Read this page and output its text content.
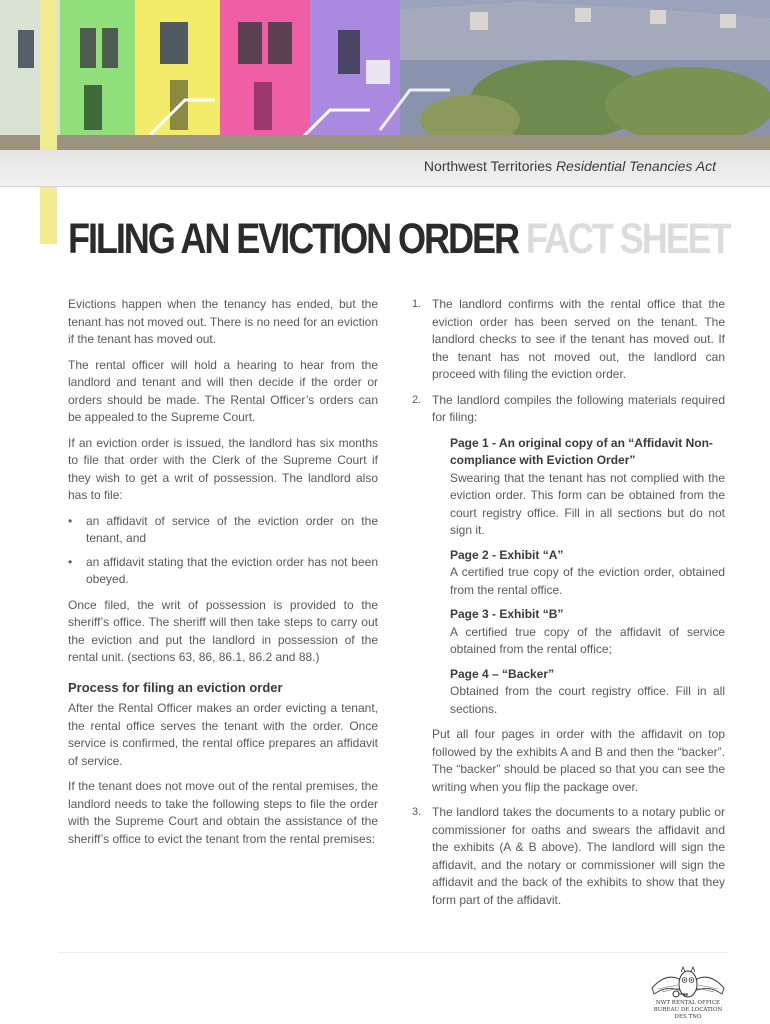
Northwest Territories Residential Tenancies Act

FILING AN EVICTION ORDER FACT SHEET

Evictions happen when the tenancy has ended, but the tenant has not moved out. There is no need for an eviction if the tenant has moved out.

The rental officer will hold a hearing to hear from the landlord and tenant and will then decide if the order or orders should be made. The Rental Officer’s orders can be appealed to the Supreme Court.

If an eviction order is issued, the landlord has six months to file that order with the Clerk of the Supreme Court if they wish to get a writ of possession. The landlord also has to file:

• an affidavit of service of the eviction order on the tenant, and
• an affidavit stating that the eviction order has not been obeyed.

Once filed, the writ of possession is provided to the sheriff’s office. The sheriff will then take steps to carry out the eviction and put the landlord in possession of the rental unit. (sections 63, 86, 86.1, 86.2 and 88.)

Process for filing an eviction order

After the Rental Officer makes an order evicting a tenant, the rental office serves the tenant with the order. Once service is confirmed, the rental office prepares an affidavit of service.

If the tenant does not move out of the rental premises, the landlord needs to take the following steps to file the order with the Supreme Court and obtain the assistance of the sheriff’s office to evict the tenant from the rental premises:

1. The landlord confirms with the rental office that the eviction order has been served on the tenant. The landlord checks to see if the tenant has moved out. If the tenant has not moved out, the landlord can proceed with filing the eviction order.

2. The landlord compiles the following materials required for filing:

Page 1 - An original copy of an “Affidavit Non-compliance with Eviction Order”
Swearing that the tenant has not complied with the eviction order. This form can be obtained from the court registry office. Fill in all sections but do not sign it.
Page 2 - Exhibit “A”
A certified true copy of the eviction order, obtained from the rental office.
Page 3 - Exhibit “B”
A certified true copy of the affidavit of service obtained from the rental office;
Page 4 – “Backer”
Obtained from the court registry office. Fill in all sections.

Put all four pages in order with the affidavit on top followed by the exhibits A and B and then the “backer”. The “backer” should be placed so that you can see the writing when you flip the package over.

3. The landlord takes the documents to a notary public or commissioner for oaths and swears the affidavit and the exhibits (A & B above). The landlord will sign the affidavit, and the notary or commissioner will sign the affidavit and the back of the exhibits to show that they form part of the affidavit.

NWT RENTAL OFFICE
BUREAU DE LOCATION DES TNO
